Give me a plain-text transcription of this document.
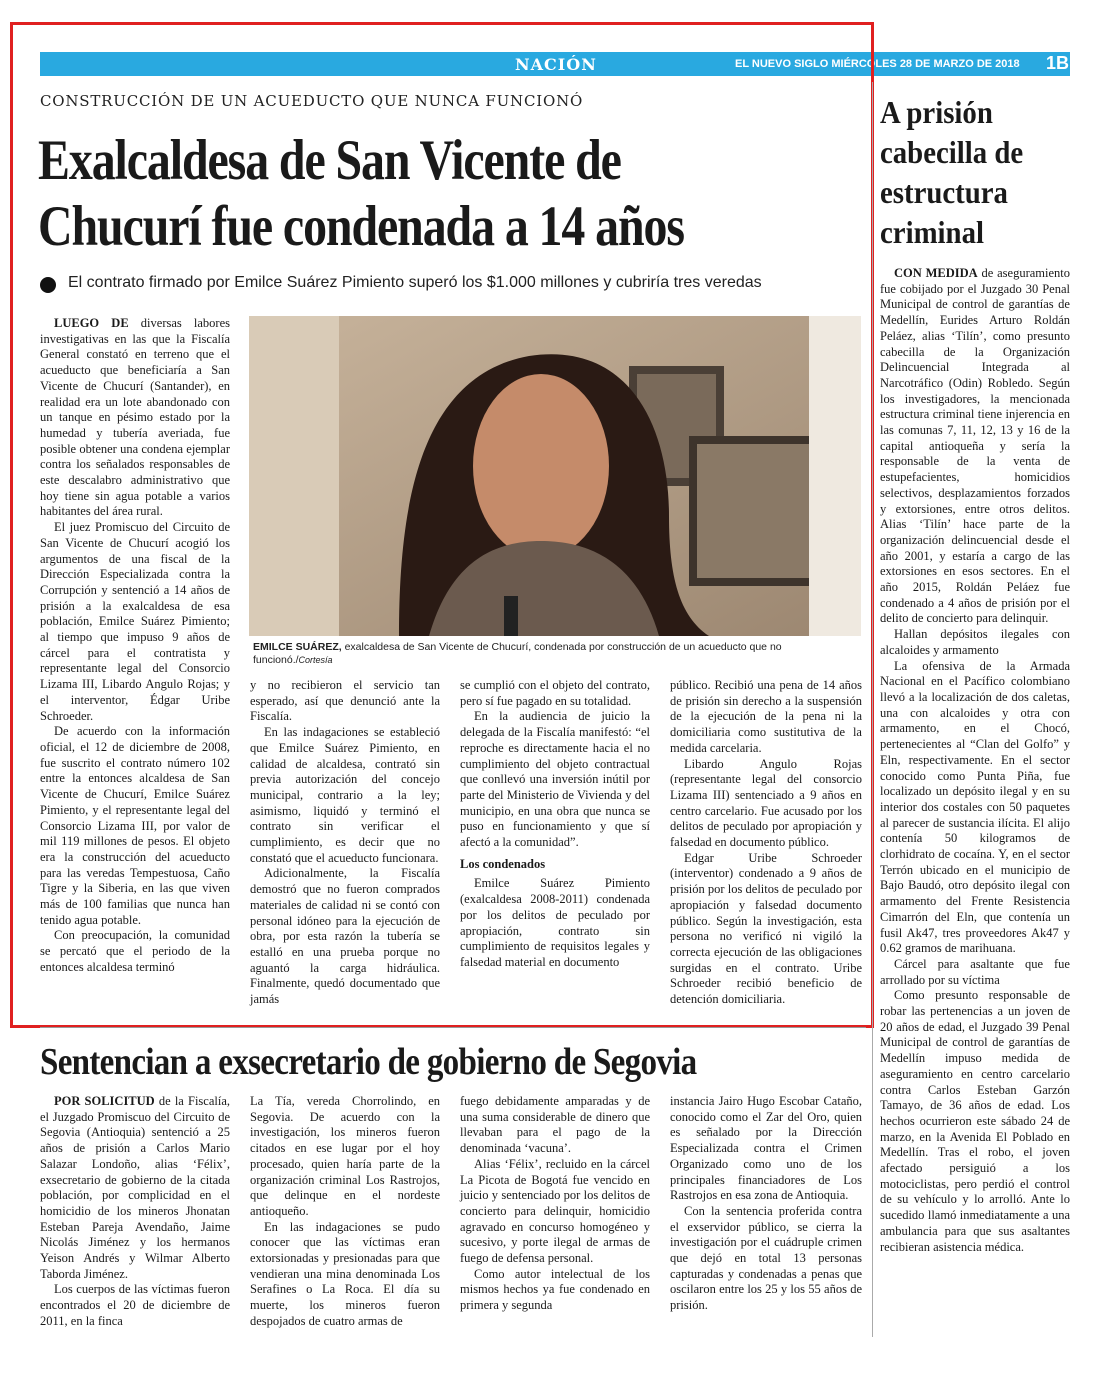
NACIÓN	EL NUEVO SIGLO MIÉRCOLES 28 DE MARZO DE 2018 1B
CONSTRUCCIÓN DE UN ACUEDUCTO QUE NUNCA FUNCIONÓ
Exalcaldesa de San Vicente de
Chucurí fue condenada a 14 años
El contrato firmado por Emilce Suárez Pimiento superó los $1.000 millones y cubriría tres veredas

LUEGO DE diversas labores investigativas en las que la Fiscalía General constató en terreno que el acueducto que beneficiaría a San Vicente de Chucurí (Santander), en realidad era un lote abandonado con un tanque en pésimo estado por la humedad y tubería averiada, fue posible obtener una condena ejemplar contra los señalados responsables de este descalabro administrativo que hoy tiene sin agua potable a varios habitantes del área rural.

El juez Promiscuo del Circuito de San Vicente de Chucurí acogió los argumentos de una fiscal de la Dirección Especializada contra la Corrupción y sentenció a 14 años de prisión a la exalcaldesa de esa población, Emilce Suárez Pimiento; al tiempo que impuso 9 años de cárcel para el contratista y representante legal del Consorcio Lizama III, Libardo Angulo Rojas; y el interventor, Édgar Uribe Schroeder.

De acuerdo con la información oficial, el 12 de diciembre de 2008, fue suscrito el contrato número 102 entre la entonces alcaldesa de San Vicente de Chucurí, Emilce Suárez Pimiento, y el representante legal del Consorcio Lizama III, por valor de mil 119 millones de pesos. El objeto era la construcción del acueducto para las veredas Tempestuosa, Caño Tigre y la Siberia, en las que viven más de 100 familias que nunca han tenido agua potable.

Con preocupación, la comunidad se percató que el periodo de la entonces alcaldesa terminó

EMILCE SUÁREZ, exalcaldesa de San Vicente de Chucurí, condenada por construcción de un acueducto que no funcionó./Cortesía

y no recibieron el servicio tan esperado, así que denunció ante la Fiscalía.

En las indagaciones se estableció que Emilce Suárez Pimiento, en calidad de alcaldesa, contrató sin previa autorización del concejo municipal, contrario a la ley; asimismo, liquidó y terminó el contrato sin verificar el cumplimiento, es decir que no constató que el acueducto funcionara.

Adicionalmente, la Fiscalía demostró que no fueron comprados materiales de calidad ni se contó con personal idóneo para la ejecución de obra, por esta razón la tubería se estalló en una prueba porque no aguantó la carga hidráulica. Finalmente, quedó documentado que jamás

se cumplió con el objeto del contrato, pero sí fue pagado en su totalidad.

En la audiencia de juicio la delegada de la Fiscalía manifestó: “el reproche es directamente hacia el no cumplimiento del objeto contractual que conllevó una inversión inútil por parte del Ministerio de Vivienda y del municipio, en una obra que nunca se puso en funcionamiento y que sí afectó a la comunidad”.

Los condenados

Emilce Suárez Pimiento (exalcaldesa 2008-2011) condenada por los delitos de peculado por apropiación, contrato sin cumplimiento de requisitos legales y falsedad material en documento

público. Recibió una pena de 14 años de prisión sin derecho a la suspensión de la ejecución de la pena ni la domiciliaria como sustitutiva de la medida carcelaria.

Libardo Angulo Rojas (representante legal del consorcio Lizama III) sentenciado a 9 años en centro carcelario. Fue acusado por los delitos de peculado por apropiación y falsedad en documento público.

Edgar Uribe Schroeder (interventor) condenado a 9 años de prisión por los delitos de peculado por apropiación y falsedad documento público. Según la investigación, esta persona no verificó ni vigiló la correcta ejecución de las obligaciones surgidas en el contrato. Uribe Schroeder recibió beneficio de detención domiciliaria.

Sentencian a exsecretario de gobierno de Segovia

POR SOLICITUD de la Fiscalía, el Juzgado Promiscuo del Circuito de Segovia (Antioquia) sentenció a 25 años de prisión a Carlos Mario Salazar Londoño, alias ‘Félix’, exsecretario de gobierno de la citada población, por complicidad en el homicidio de los mineros Jhonatan Esteban Pareja Avendaño, Jaime Nicolás Jiménez y los hermanos Yeison Andrés y Wilmar Alberto Taborda Jiménez.

Los cuerpos de las víctimas fueron encontrados el 20 de diciembre de 2011, en la finca

La Tía, vereda Chorrolindo, en Segovia. De acuerdo con la investigación, los mineros fueron citados en ese lugar por el hoy procesado, quien haría parte de la organización criminal Los Rastrojos, que delinque en el nordeste antioqueño.

En las indagaciones se pudo conocer que las víctimas eran extorsionadas y presionadas para que vendieran una mina denominada Los Serafines o La Roca. El día su muerte, los mineros fueron despojados de cuatro armas de

fuego debidamente amparadas y de una suma considerable de dinero que llevaban para el pago de la denominada ‘vacuna’.

Alias ‘Félix’, recluido en la cárcel La Picota de Bogotá fue vencido en juicio y sentenciado por los delitos de concierto para delinquir, homicidio agravado en concurso homogéneo y sucesivo, y porte ilegal de armas de fuego de defensa personal.

Como autor intelectual de los mismos hechos ya fue condenado en primera y segunda

instancia Jairo Hugo Escobar Cataño, conocido como el Zar del Oro, quien es señalado por la Dirección Especializada contra el Crimen Organizado como uno de los principales financiadores de Los Rastrojos en esa zona de Antioquia.

Con la sentencia proferida contra el exservidor público, se cierra la investigación por el cuádruple crimen que dejó en total 13 personas capturadas y condenadas a penas que oscilaron entre los 25 y los 55 años de prisión.

A prisión cabecilla de estructura criminal

CON MEDIDA de aseguramiento fue cobijado por el Juzgado 30 Penal Municipal de control de garantías de Medellín, Eurides Arturo Roldán Peláez, alias ‘Tilín’, como presunto cabecilla de la Organización Delincuencial Integrada al Narcotráfico (Odin) Robledo. Según los investigadores, la mencionada estructura criminal tiene injerencia en las comunas 7, 11, 12, 13 y 16 de la capital antioqueña y sería la responsable de la venta de estupefacientes, homicidios selectivos, desplazamientos forzados y extorsiones, entre otros delitos. Alias ‘Tilín’ hace parte de la organización delincuencial desde el año 2001, y estaría a cargo de las extorsiones en esos sectores. En el año 2015, Roldán Peláez fue condenado a 4 años de prisión por el delito de concierto para delinquir.

Hallan depósitos ilegales con alcaloides y armamento

La ofensiva de la Armada Nacional en el Pacífico colombiano llevó a la localización de dos caletas, una con alcaloides y otra con armamento, en el Chocó, pertenecientes al “Clan del Golfo” y Eln, respectivamente. En el sector conocido como Punta Piña, fue localizado un depósito ilegal y en su interior dos costales con 50 paquetes al parecer de sustancia ilícita. El alijo contenía 50 kilogramos de clorhidrato de cocaína. Y, en el sector Terrón ubicado en el municipio de Bajo Baudó, otro depósito ilegal con armamento del Frente Resistencia Cimarrón del Eln, que contenía un fusil Ak47, tres proveedores Ak47 y 0.62 gramos de marihuana.

Cárcel para asaltante que fue arrollado por su víctima

Como presunto responsable de robar las pertenencias a un joven de 20 años de edad, el Juzgado 39 Penal Municipal de control de garantías de Medellín impuso medida de aseguramiento en centro carcelario contra Carlos Esteban Garzón Tamayo, de 36 años de edad. Los hechos ocurrieron este sábado 24 de marzo, en la Avenida El Poblado en Medellín. Tras el robo, el joven afectado persiguió a los motociclistas, pero perdió el control de su vehículo y lo arrolló. Ante lo sucedido llamó inmediatamente a una ambulancia para que sus asaltantes recibieran asistencia médica.
